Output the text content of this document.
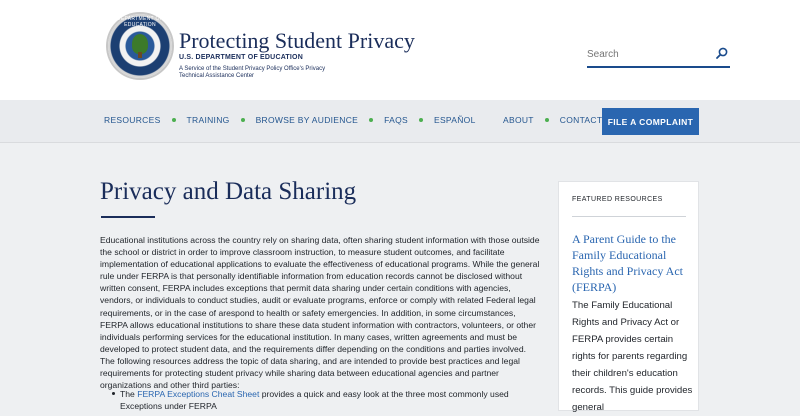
DEPARTMENT OF EDUCATION
Protecting Student Privacy
U.S. DEPARTMENT OF EDUCATION
A Service of the Student Privacy Policy Office's Privacy Technical Assistance Center
Search
RESOURCES	TRAINING	BROWSE BY AUDIENCE	FAQS	ESPAÑOL	ABOUT	CONTACT FILE A COMPLAINT
Privacy and Data Sharing

Educational institutions across the country rely on sharing data, often sharing student information with those outside the school or district in order to improve classroom instruction, to measure student outcomes, and facilitate implementation of educational applications to evaluate the effectiveness of educational programs. While the general rule under FERPA is that personally identifiable information from education records cannot be disclosed without written consent, FERPA includes exceptions that permit data sharing under certain conditions with agencies, vendors, or individuals to conduct studies, audit or evaluate programs, enforce or comply with related Federal legal requirements, or in the case of arespond to health or safety emergencies. In addition, in some circumstances, FERPA allows educational institutions to share these data student information with contractors, volunteers, or other individuals performing services for the educational institution. In many cases, written agreements and must be developed to protect student data, and the requirements differ depending on the conditions and parties involved. The following resources address the topic of data sharing, and are intended to provide best practices and legal requirements for protecting student privacy while sharing data between educational agencies and partner organizations and other third parties:

The FERPA Exceptions Cheat Sheet provides a quick and easy look at the three most commonly used Exceptions under FERPA
FEATURED RESOURCES
A Parent Guide to the Family Educational Rights and Privacy Act (FERPA)

The Family Educational Rights and Privacy Act or FERPA provides certain rights for parents regarding their children's education records. This guide provides general
